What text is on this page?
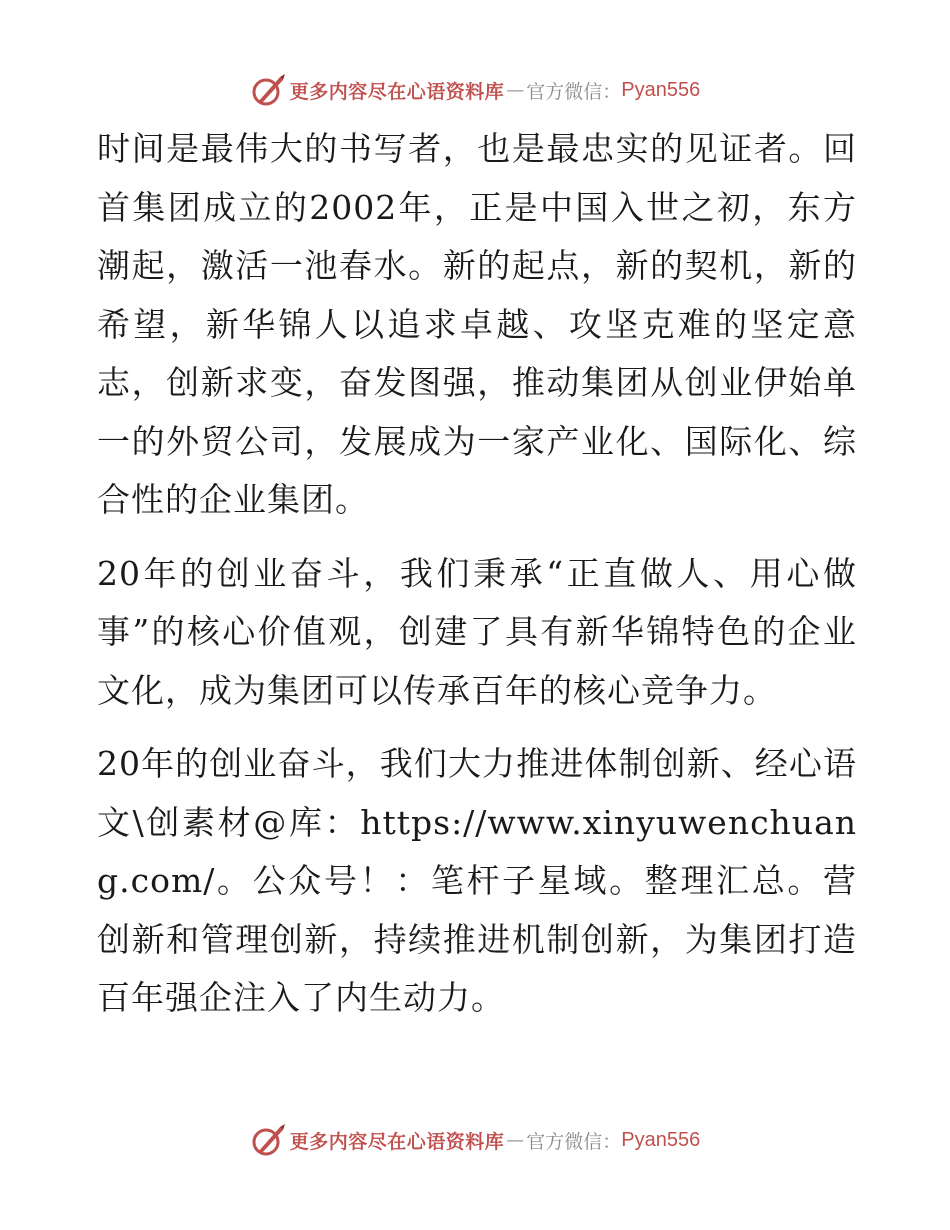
更多内容尽在心语资料库 — 官方微信： Pyan556

时间是最伟大的书写者，也是最忠实的见证者。回首集团成立的2002年，正是中国入世之初，东方潮起，激活一池春水。新的起点，新的契机，新的希望，新华锦人以追求卓越、攻坚克难的坚定意志，创新求变，奋发图强，推动集团从创业伊始单一的外贸公司，发展成为一家产业化、国际化、综合性的企业集团。

20年的创业奋斗，我们秉承“正直做人、用心做事”的核心价值观，创建了具有新华锦特色的企业文化，成为集团可以传承百年的核心竞争力。

20年的创业奋斗，我们大力推进体制创新、经心语文\创素材@库：https://www.xinyuwenchuang.com/。公众号！：笔杆子星域。整理汇总。营创新和管理创新，持续推进机制创新，为集团打造百年强企注入了内生动力。

更多内容尽在心语资料库 — 官方微信： Pyan556
